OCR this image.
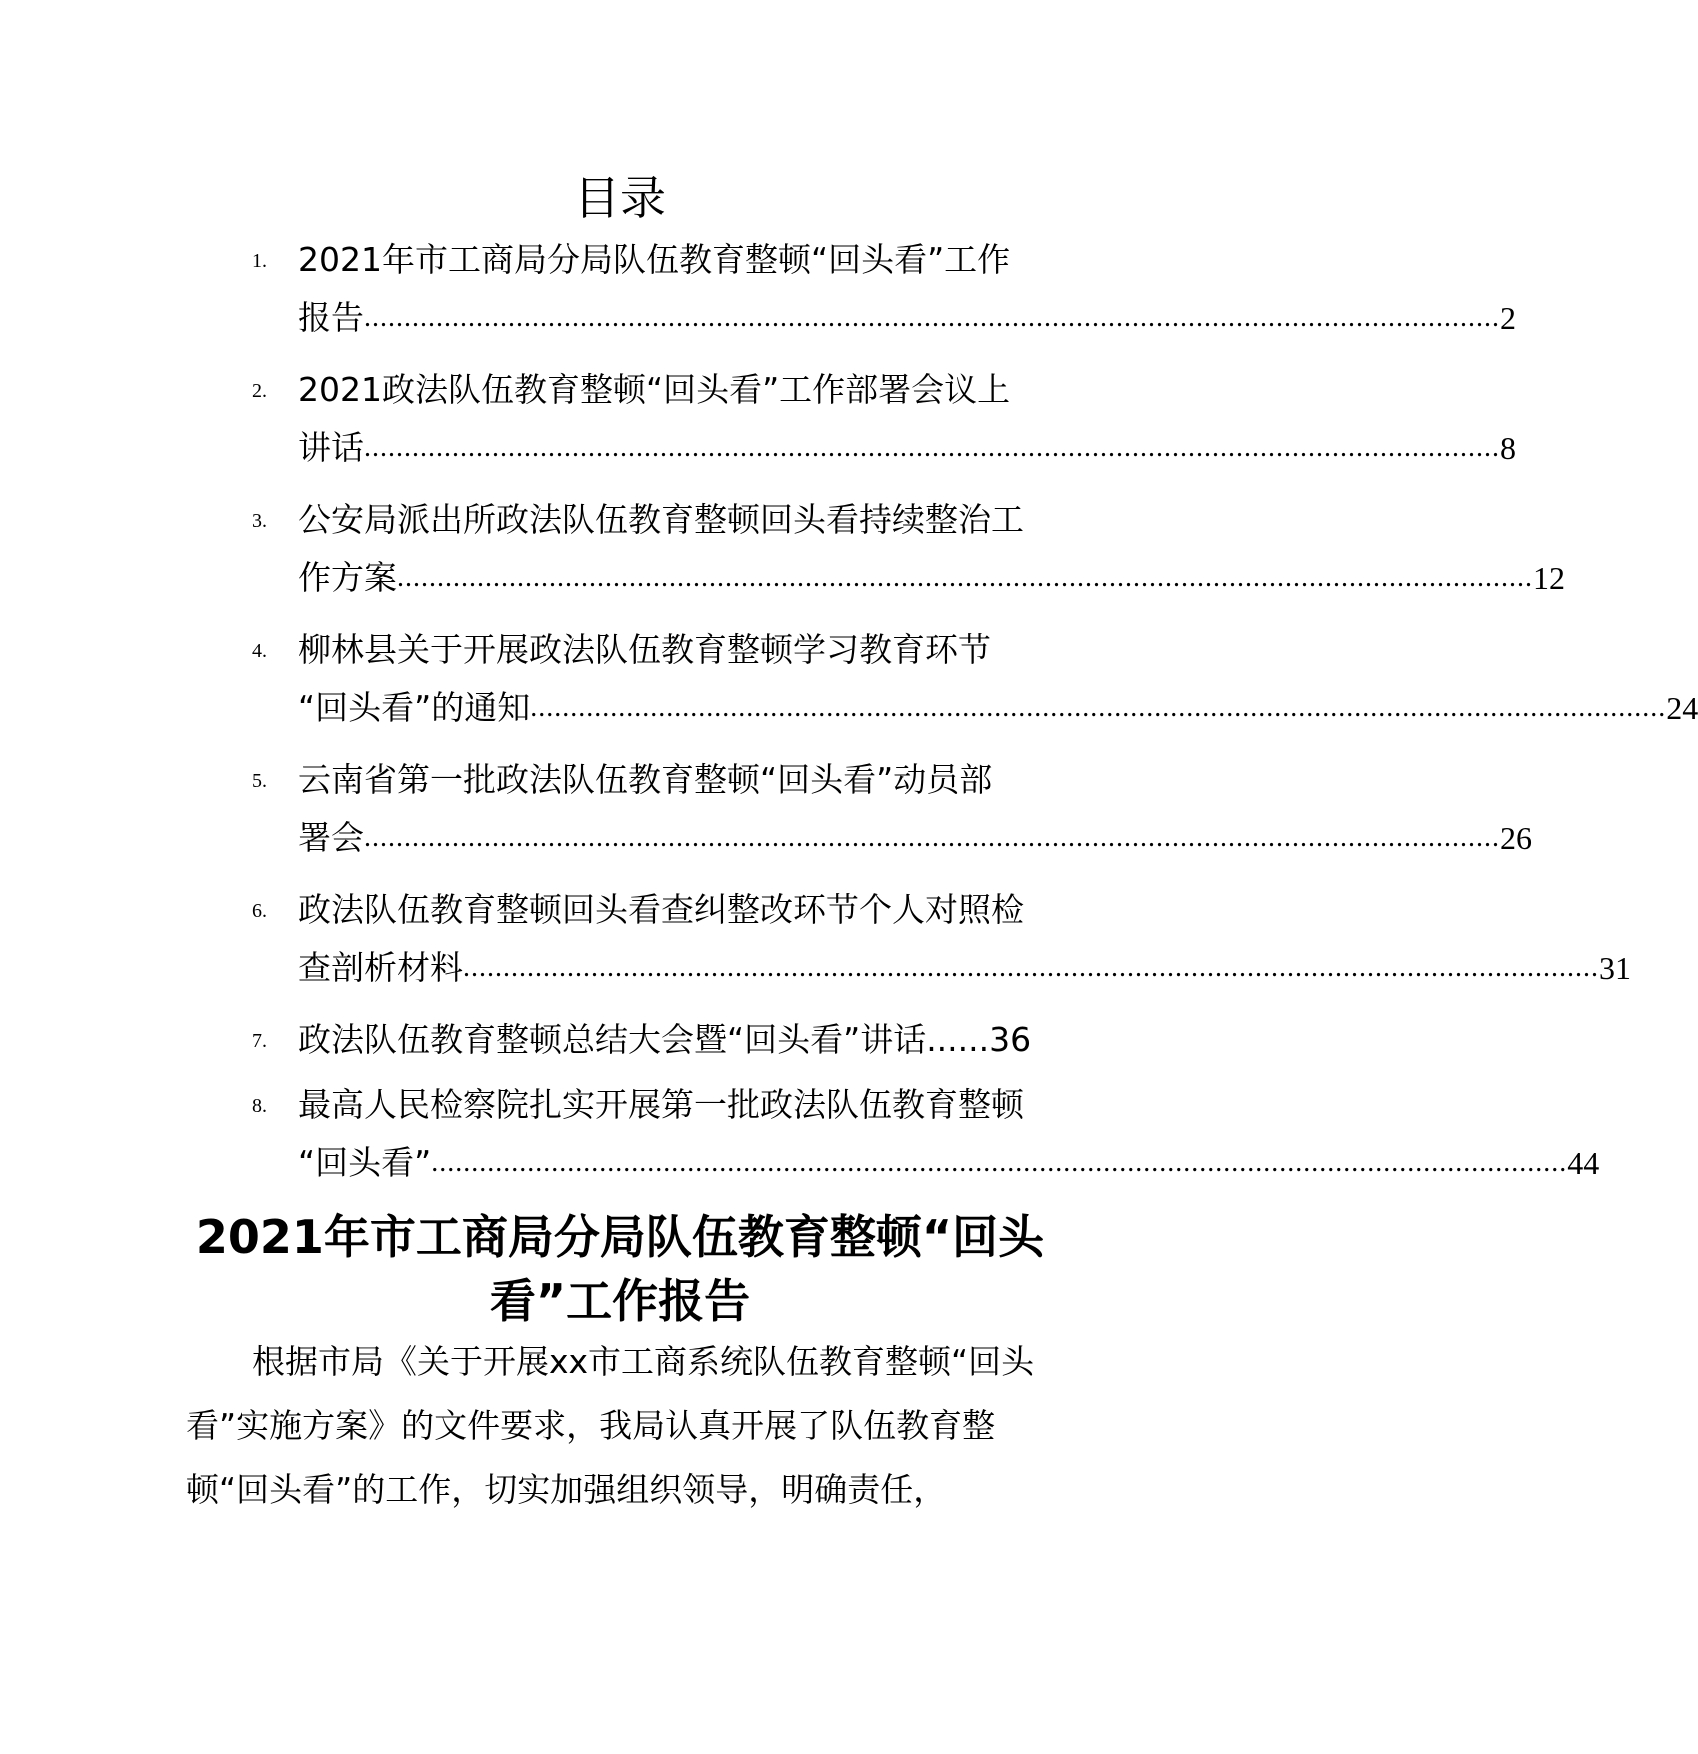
目录
1. 2021年市工商局分局队伍教育整顿“回头看”工作
报告 .............................................................................................................................................. 2
2. 2021政法队伍教育整顿“回头看”工作部署会议上
讲话 .............................................................................................................................................. 8
3. 公安局派出所政法队伍教育整顿回头看持续整治工
作方案 .............................................................................................................................................. 12
4. 柳林县关于开展政法队伍教育整顿学习教育环节
“回头看”的通知 .............................................................................................................................................. 24
5. 云南省第一批政法队伍教育整顿“回头看”动员部
署会 .............................................................................................................................................. 26
6. 政法队伍教育整顿回头看查纠整改环节个人对照检
查剖析材料 .............................................................................................................................................. 31
7. 政法队伍教育整顿总结大会暨“回头看”讲话......36
8. 最高人民检察院扎实开展第一批政法队伍教育整顿
“回头看” .............................................................................................................................................. 44
2021年市工商局分局队伍教育整顿“回头
看”工作报告
根据市局《关于开展xx市工商系统队伍教育整顿“回头看”实施方案》的文件要求，我局认真开展了队伍教育整顿“回头看”的工作，切实加强组织领导，明确责任，
